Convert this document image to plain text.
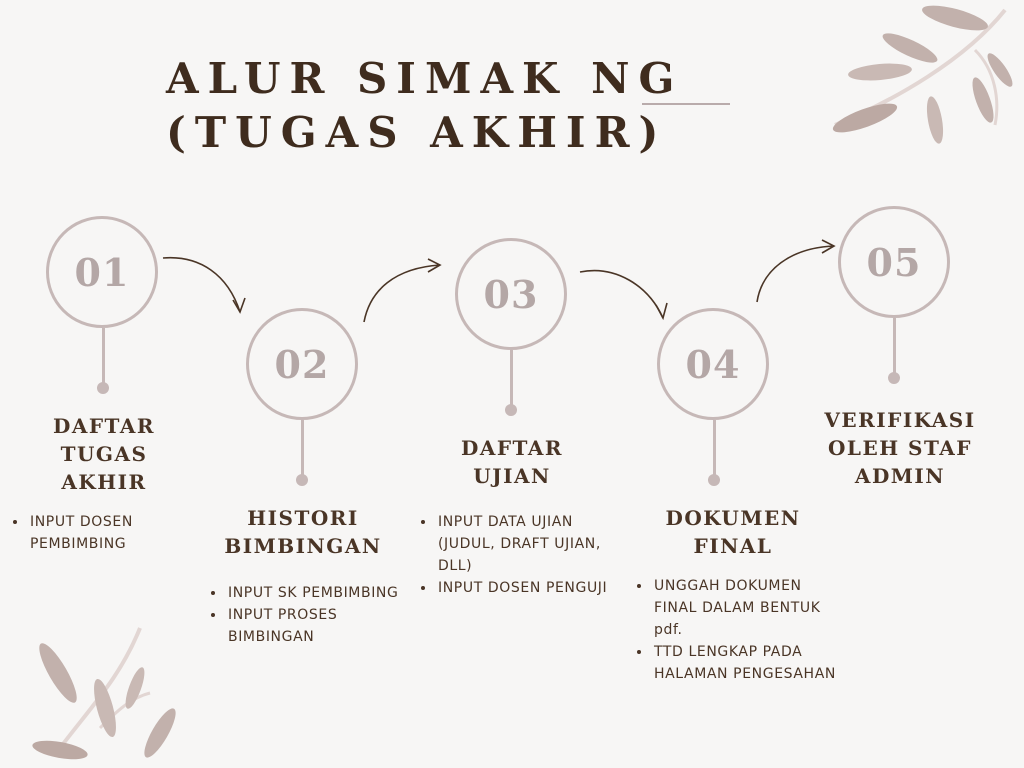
ALUR SIMAK NG
(TUGAS AKHIR)
01
DAFTAR
TUGAS
AKHIR
• INPUT DOSEN PEMBIMBING
02
HISTORI
BIMBINGAN
• INPUT SK PEMBIMBING
• INPUT PROSES BIMBINGAN
03
DAFTAR
UJIAN
• INPUT DATA UJIAN (JUDUL, DRAFT UJIAN, DLL)
• INPUT DOSEN PENGUJI
04
DOKUMEN
FINAL
• UNGGAH DOKUMEN FINAL DALAM BENTUK pdf.
• TTD LENGKAP PADA HALAMAN PENGESAHAN
05
VERIFIKASI
OLEH STAF
ADMIN
